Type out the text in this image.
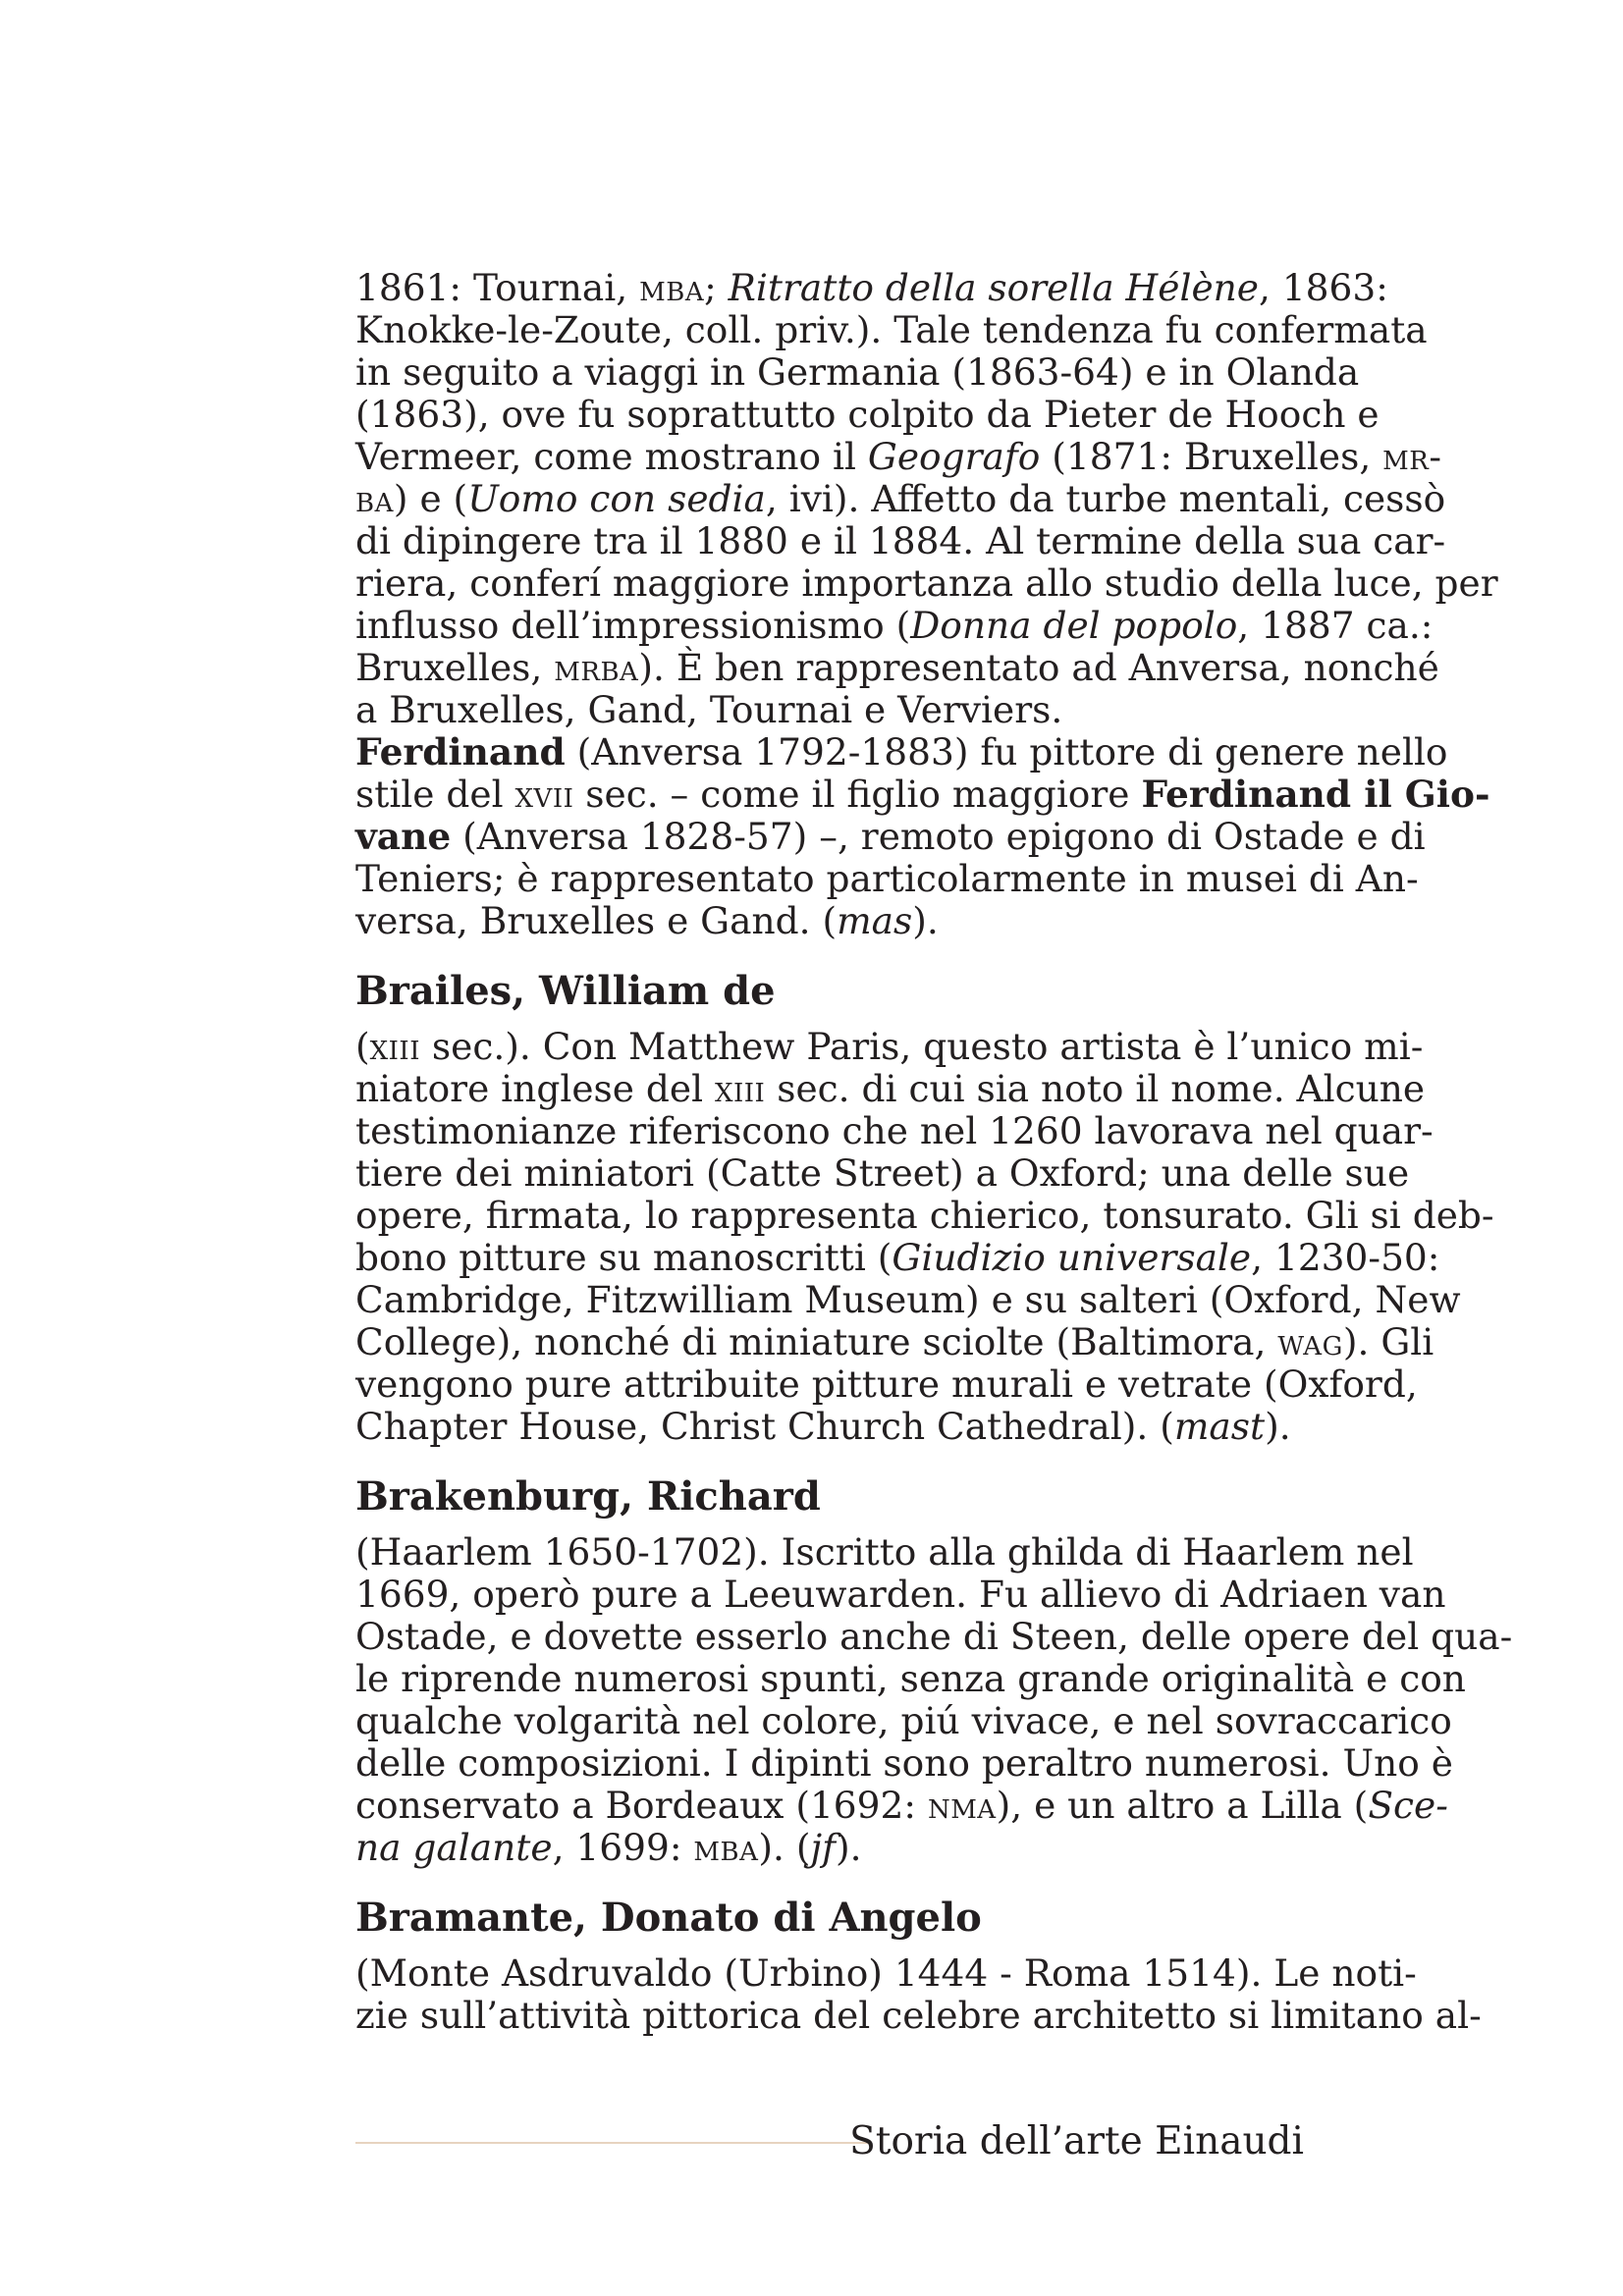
1861: Tournai, mba; Ritratto della sorella Hélène, 1863:
Knokke-le-Zoute, coll. priv.). Tale tendenza fu confermata
in seguito a viaggi in Germania (1863-64) e in Olanda
(1863), ove fu soprattutto colpito da Pieter de Hooch e
Vermeer, come mostrano il Geografo (1871: Bruxelles, mr-
ba) e (Uomo con sedia, ivi). Affetto da turbe mentali, cessò
di dipingere tra il 1880 e il 1884. Al termine della sua car-
riera, conferí maggiore importanza allo studio della luce, per
influsso dell’impressionismo (Donna del popolo, 1887 ca.:
Bruxelles, mrba). È ben rappresentato ad Anversa, nonché
a Bruxelles, Gand, Tournai e Verviers.
Ferdinand (Anversa 1792-1883) fu pittore di genere nello
stile del xvii sec. – come il figlio maggiore Ferdinand il Gio-
vane (Anversa 1828-57) –, remoto epigono di Ostade e di
Teniers; è rappresentato particolarmente in musei di An-
versa, Bruxelles e Gand. (mas).
Brailes, William de
(xiii sec.). Con Matthew Paris, questo artista è l’unico mi-
niatore inglese del xiii sec. di cui sia noto il nome. Alcune
testimonianze riferiscono che nel 1260 lavorava nel quar-
tiere dei miniatori (Catte Street) a Oxford; una delle sue
opere, firmata, lo rappresenta chierico, tonsurato. Gli si deb-
bono pitture su manoscritti (Giudizio universale, 1230-50:
Cambridge, Fitzwilliam Museum) e su salteri (Oxford, New
College), nonché di miniature sciolte (Baltimora, wag). Gli
vengono pure attribuite pitture murali e vetrate (Oxford,
Chapter House, Christ Church Cathedral). (mast).
Brakenburg, Richard
(Haarlem 1650-1702). Iscritto alla ghilda di Haarlem nel
1669, operò pure a Leeuwarden. Fu allievo di Adriaen van
Ostade, e dovette esserlo anche di Steen, delle opere del qua-
le riprende numerosi spunti, senza grande originalità e con
qualche volgarità nel colore, piú vivace, e nel sovraccarico
delle composizioni. I dipinti sono peraltro numerosi. Uno è
conservato a Bordeaux (1692: nma), e un altro a Lilla (Sce-
na galante, 1699: mba). (jf).
Bramante, Donato di Angelo
(Monte Asdruvaldo (Urbino) 1444 - Roma 1514). Le noti-
zie sull’attività pittorica del celebre architetto si limitano al-
Storia dell’arte Einaudi
